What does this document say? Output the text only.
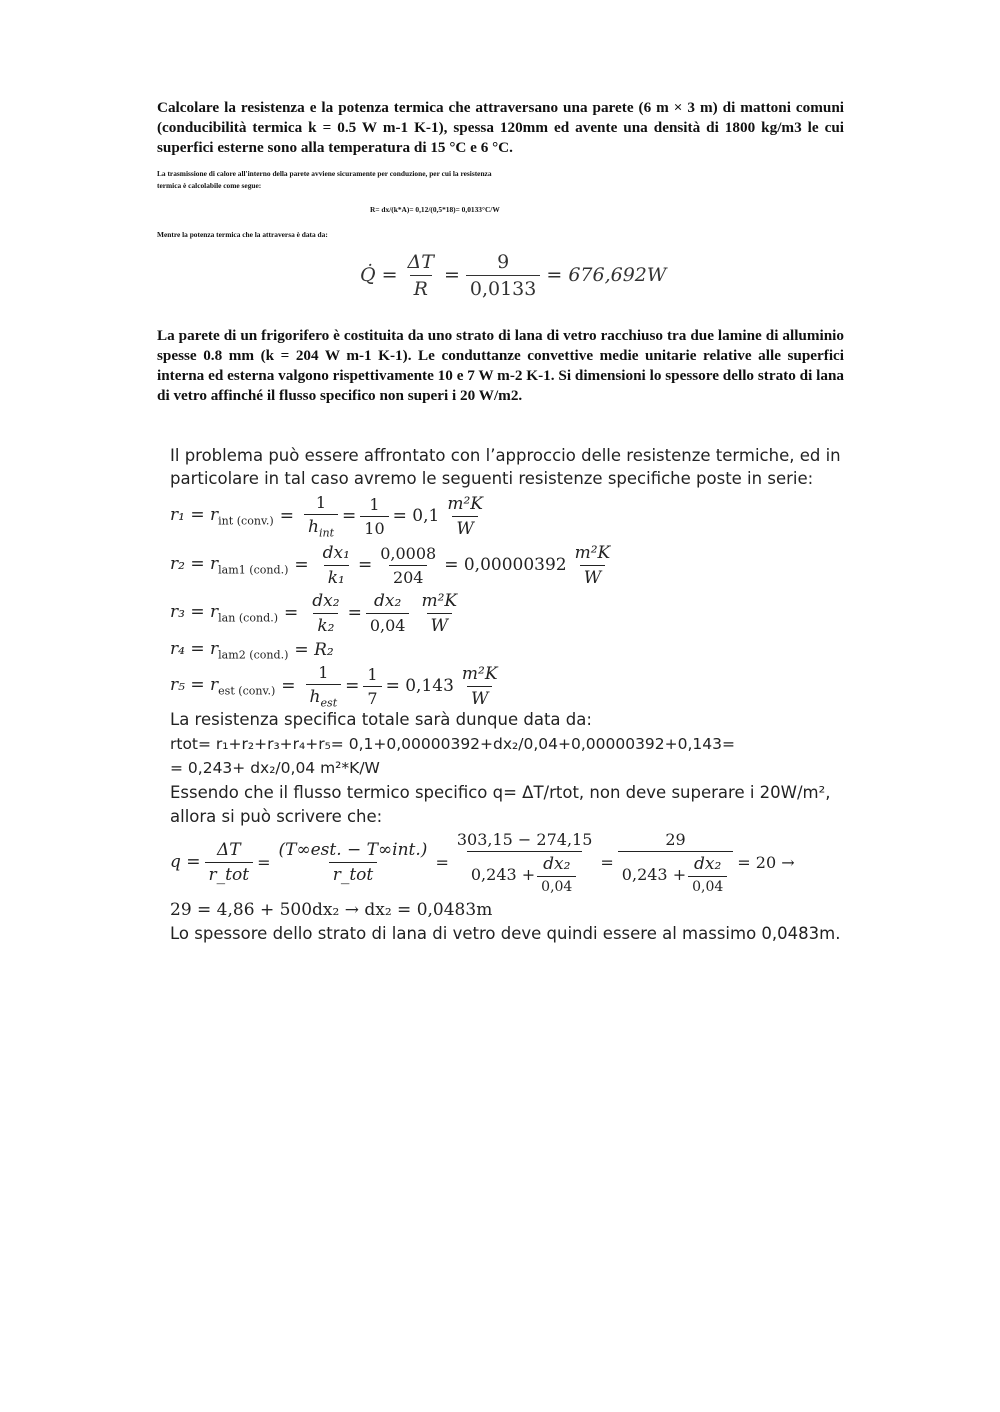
Calcolare la resistenza e la potenza termica che attraversano una parete (6 m × 3 m) di mattoni comuni (conducibilità termica k = 0.5 W m-1 K-1), spessa 120mm ed avente una densità di 1800 kg/m3 le cui superfici esterne sono alla temperatura di 15 °C e 6 °C.
La trasmissione di calore all'interno della parete avviene sicuramente per conduzione, per cui la resistenza
termica è calcolabile come segue:
R= dx/(k*A)= 0,12/(0,5*18)= 0,0133°C/W
Mentre la potenza termica che la attraversa è data da:
Q̇ = $\frac{\Delta T}{R} = \frac{9}{0,0133} = 676,692W$
La parete di un frigorifero è costituita da uno strato di lana di vetro racchiuso tra due lamine di alluminio spesse 0.8 mm (k = 204 W m-1 K-1). Le conduttanze convettive medie unitarie relative alle superfici interna ed esterna valgono rispettivamente 10 e 7 W m-2 K-1. Si dimensioni lo spessore dello strato di lana di vetro affinché il flusso specifico non superi i 20 W/m2.
Il problema può essere affrontato con l’approccio delle resistenze termiche, ed in
particolare in tal caso avremo le seguenti resistenze specifiche poste in serie:
$r_1 = r_{int (conv.)} = \frac{1}{h_{int}} = \frac{1}{10} = 0,1 \frac{\text{m²K}}{W}$
$r_2 = r_{lam1 (cond.)} = \frac{\text{dx₁}}{\text{k₁}} = \frac{0,0008}{204} = 0,00000392 \frac{\text{m²K}}{W}$
$r_3 = r_{lan (cond.)} = \frac{\text{dx₂}}{\text{k₂}} = \frac{\text{dx₂}}{0,04} \frac{\text{m²K}}{W}$
$r_4 = r_{lam2 (cond.)} = R_2$
$r_5 = r_{est (conv.)} = \frac{1}{h_{est}} = \frac{1}{7} = 0,143 \frac{\text{m²K}}{W}$
La resistenza specifica totale sarà dunque data da:
rtot= r₁+r₂+r₃+r₄+r₅= 0,1+0,00000392+dx₂/0,04+0,00000392+0,143=
= 0,243+ dx₂/0,04 m²*K/W
Essendo che il flusso termico specifico q= ΔT/rtot, non deve superare i 20W/m²,
allora si può scrivere che:
$q = \frac{\Delta T}{\text{r\_tot}} = \frac{\text{(T∞est. − T∞int.)}}{\text{r\_tot}} = \frac{303,15 - 274,15}{0,243 + \frac{\text{dx₂}}{0,04}} = \frac{29}{0,243 + \frac{\text{dx₂}}{0,04}} = 20$ →
29 = 4,86 + 500dx₂ → dx₂ = 0,0483m
Lo spessore dello strato di lana di vetro deve quindi essere al massimo 0,0483m.
